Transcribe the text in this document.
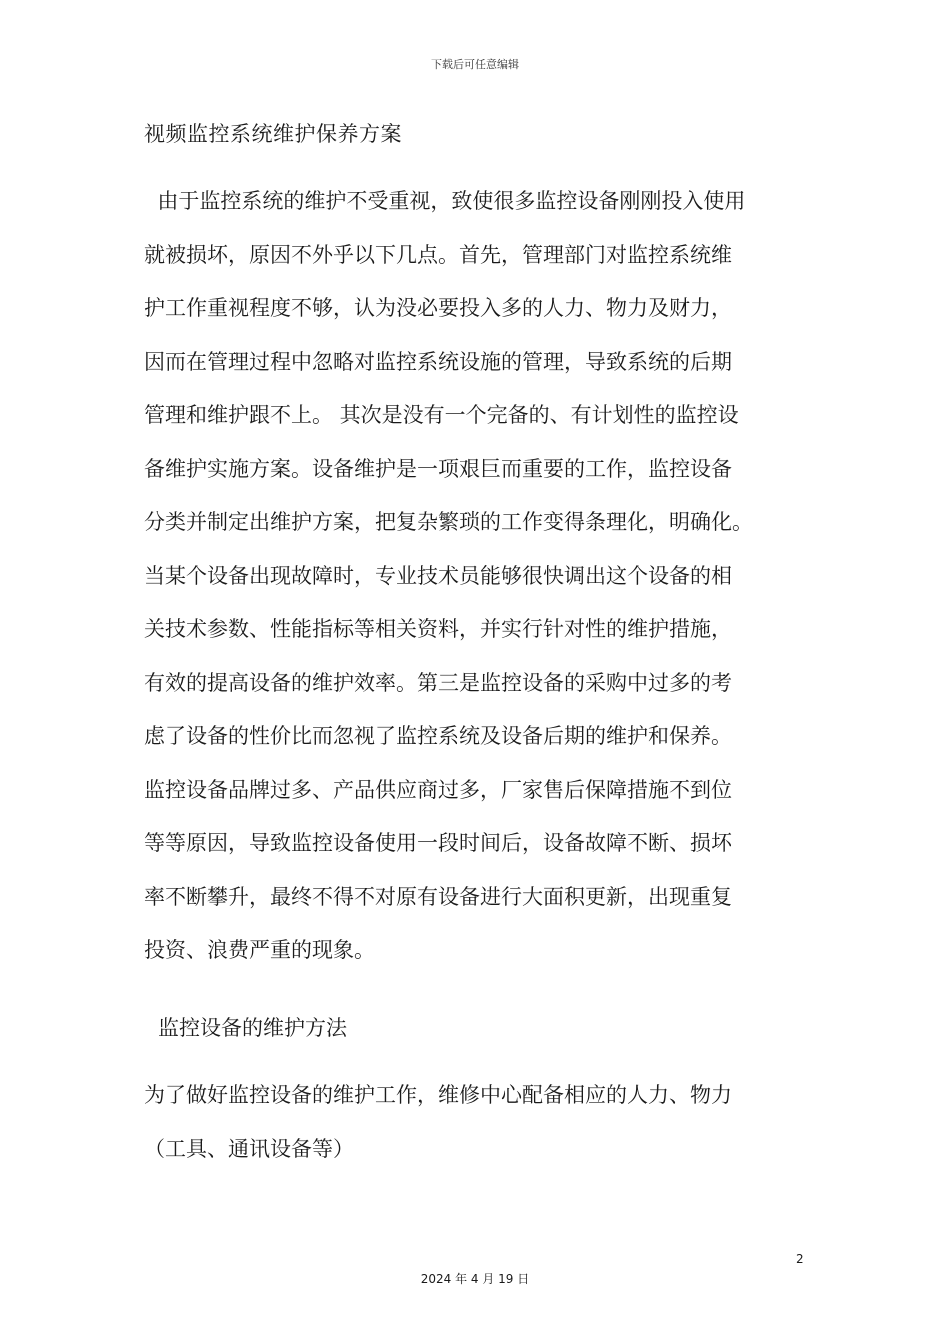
下载后可任意编辑
视频监控系统维护保养方案
由于监控系统的维护不受重视，致使很多监控设备刚刚投入使用
就被损坏，原因不外乎以下几点。首先，管理部门对监控系统维
护工作重视程度不够，认为没必要投入多的人力、物力及财力，
因而在管理过程中忽略对监控系统设施的管理，导致系统的后期
管理和维护跟不上。 其次是没有一个完备的、有计划性的监控设
备维护实施方案。设备维护是一项艰巨而重要的工作，监控设备
分类并制定出维护方案，把复杂繁琐的工作变得条理化，明确化。
当某个设备出现故障时，专业技术员能够很快调出这个设备的相
关技术参数、性能指标等相关资料，并实行针对性的维护措施，
有效的提高设备的维护效率。第三是监控设备的采购中过多的考
虑了设备的性价比而忽视了监控系统及设备后期的维护和保养。
监控设备品牌过多、产品供应商过多，厂家售后保障措施不到位
等等原因，导致监控设备使用一段时间后，设备故障不断、损坏
率不断攀升，最终不得不对原有设备进行大面积更新，出现重复
投资、浪费严重的现象。
监控设备的维护方法
为了做好监控设备的维护工作，维修中心配备相应的人力、物力
（工具、通讯设备等）
2
2024 年 4 月 19 日
